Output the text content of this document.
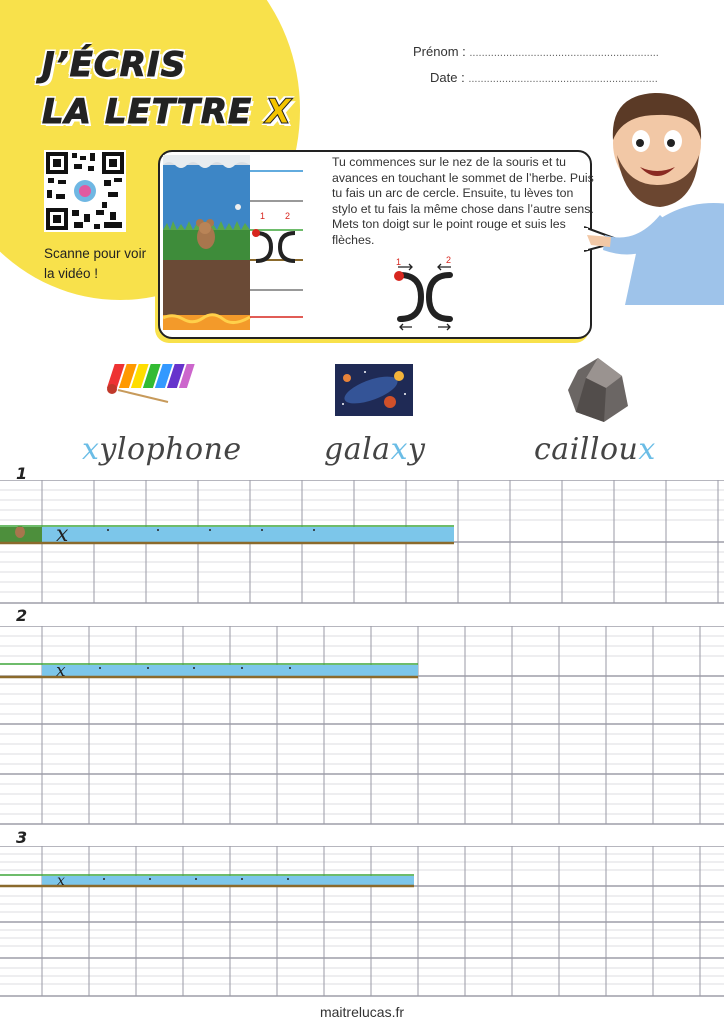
J’ÉCRIS
LA LETTRE X
Prénom : ..............................................................
Date : ..............................................................
Scanne pour voir la vidéo !
1 2
Tu commences sur le nez de la souris et tu avances en touchant le sommet de l’herbe. Puis tu fais un arc de cercle. Ensuite, tu lèves ton stylo et tu fais la même chose dans l’autre sens. Mets ton doigt sur le point rouge et suis les flèches.
1	2
xylophone	galaxy	cailloux
1
2
3
x
x
x
maitrelucas.fr
